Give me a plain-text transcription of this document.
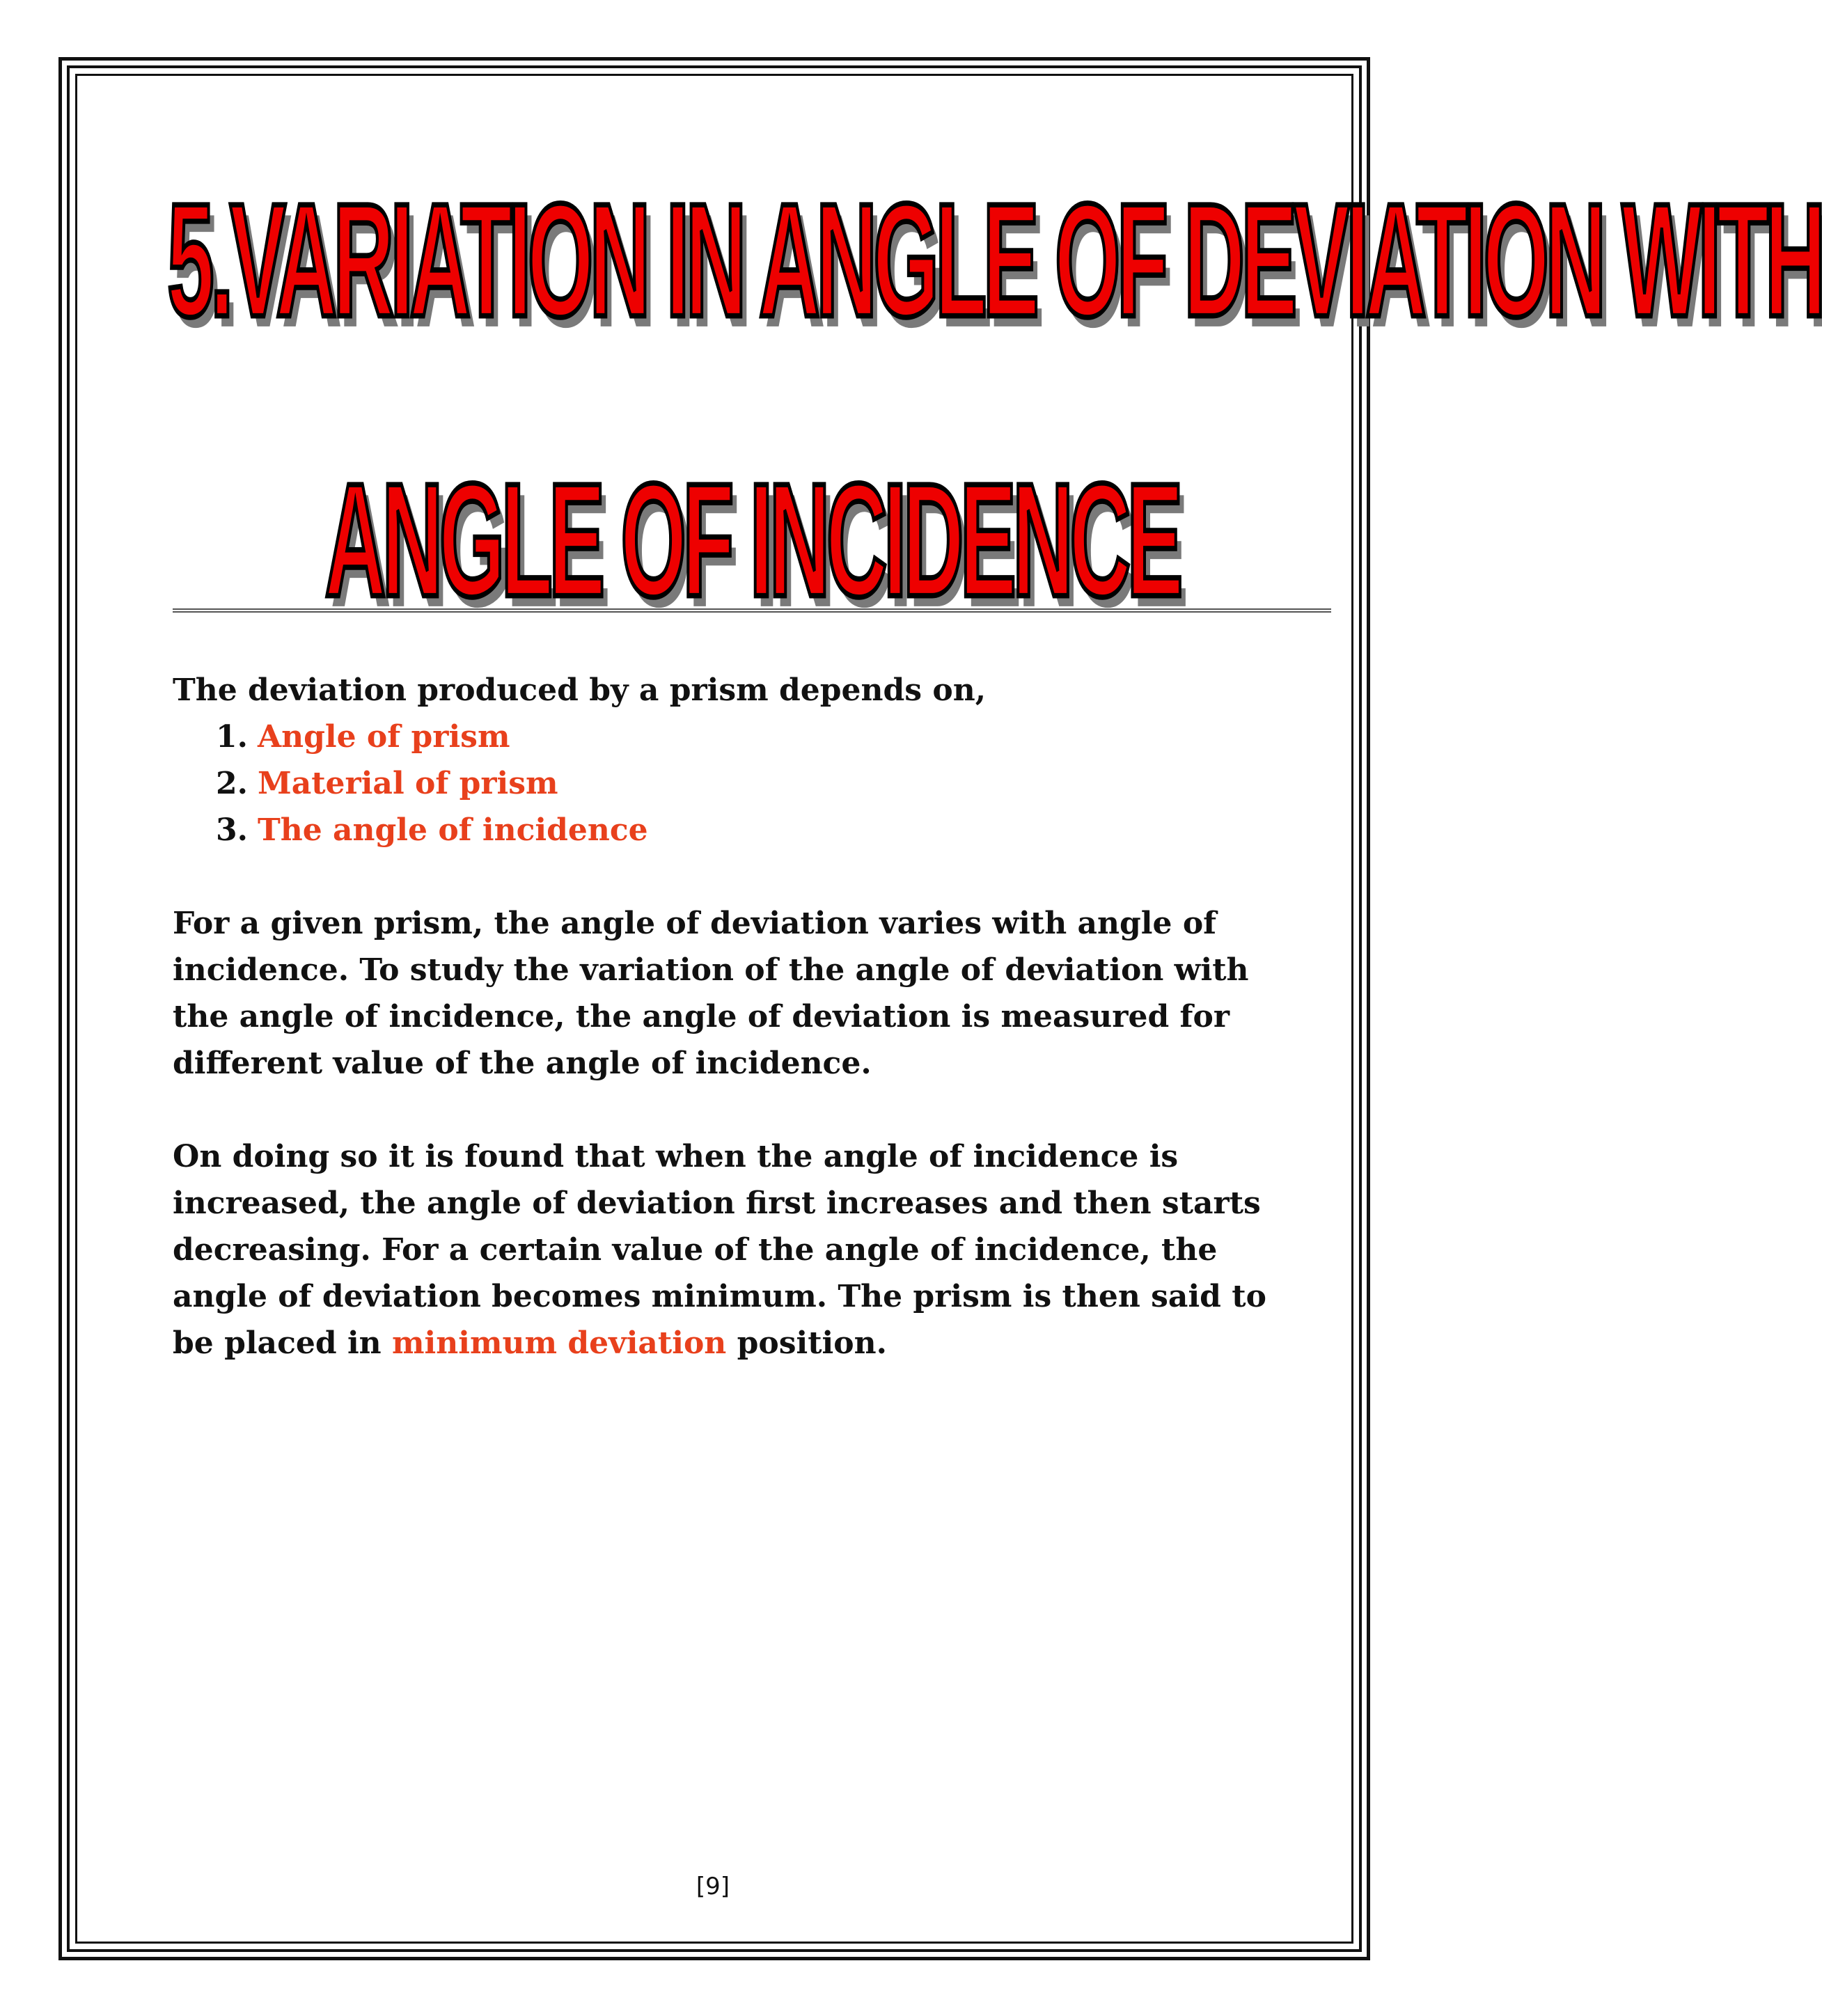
5.VARIATION IN ANGLE OF DEVIATION WITH
ANGLE OF INCIDENCE

The deviation produced by a prism depends on,

1. Angle of prism
2. Material of prism
3. The angle of incidence

For a given prism, the angle of deviation varies with angle of incidence. To study the variation of the angle of deviation with the angle of incidence, the angle of deviation is measured for different value of the angle of incidence.

On doing so it is found that when the angle of incidence is increased, the angle of deviation first increases and then starts decreasing. For a certain value of the angle of incidence, the angle of deviation becomes minimum. The prism is then said to be placed in minimum deviation position.

[9]
